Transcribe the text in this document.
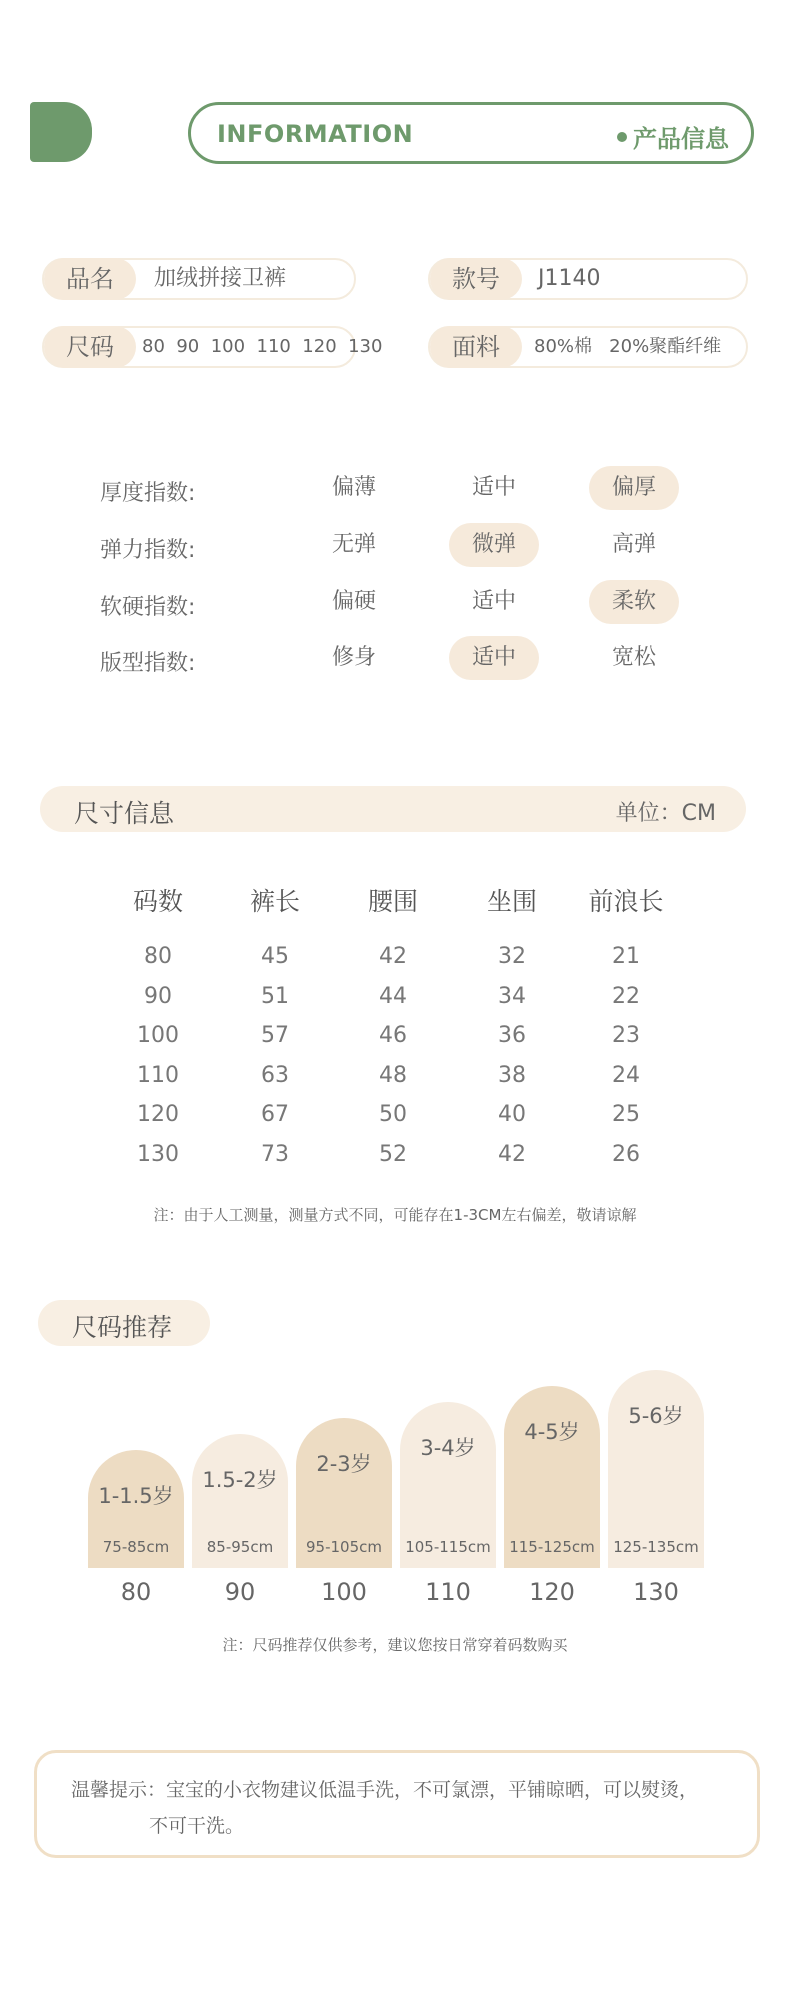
INFORMATION	产品信息
品名	加绒拼接卫裤	款号	J1140
尺码	80  90  100  110  120  130	面料	80%棉   20%聚酯纤维
厚度指数:	偏薄	适中	偏厚
弹力指数:	无弹	微弹	高弹
软硬指数:	偏硬	适中	柔软
版型指数:	修身	适中	宽松
尺寸信息	单位：CM
码数	裤长	腰围	坐围	前浪长
80	45	42	32	21
90	51	44	34	22
100	57	46	36	23
110	63	48	38	24
120	67	50	40	25
130	73	52	42	26
注：由于人工测量，测量方式不同，可能存在1-3CM左右偏差，敬请谅解
尺码推荐
1-1.5岁
75-85cm
1.5-2岁
85-95cm
2-3岁
95-105cm
3-4岁
105-115cm
4-5岁
115-125cm
5-6岁
125-135cm
80	90	100	110	120	130
注：尺码推荐仅供参考，建议您按日常穿着码数购买

温馨提示：宝宝的小衣物建议低温手洗，不可氯漂，平铺晾晒，可以熨烫，

不可干洗。
